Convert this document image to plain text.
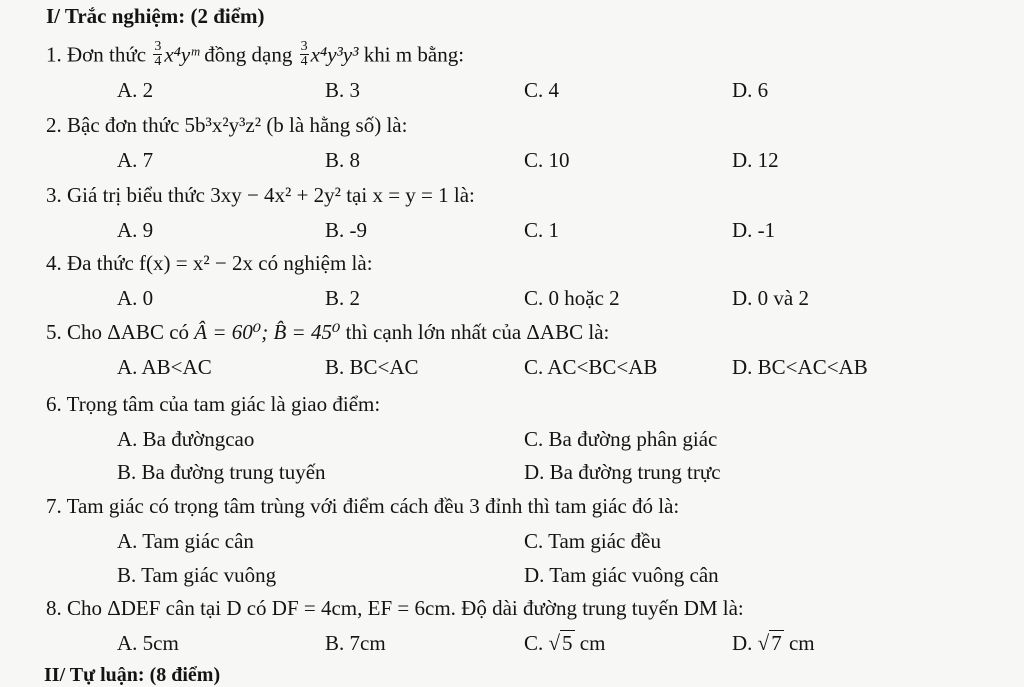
I/ Trắc nghiệm: (2 điểm)
1. Đơn thức $\frac{3}{4}$ x⁴yᵐ đồng dạng $\frac{3}{4} x^4y^3y^3$ khi m bằng:
A. 2	B. 3	C. 4	D. 6
2. Bậc đơn thức 5b³x²y³z² (b là hằng số) là:
A. 7	B. 8	C. 10	D. 12
3. Giá trị biểu thức 3xy − 4x² + 2y² tại x = y = 1 là:
A. 9	B. -9	C. 1	D. -1
4. Đa thức f(x) = x² − 2x có nghiệm là:
A. 0	B. 2	C. 0 hoặc 2	D. 0 và 2
5. Cho ΔABC có Â = 60⁰; B̂ = 45⁰ thì cạnh lớn nhất của ΔABC là:
A. AB<AC	B. BC<AC	C. AC<BC<AB	D. BC<AC<AB
6. Trọng tâm của tam giác là giao điểm:
A. Ba đườngcao	C. Ba đường phân giác
B. Ba đường trung tuyến	D. Ba đường trung trực
7. Tam giác có trọng tâm trùng với điểm cách đều 3 đỉnh thì tam giác đó là:
A. Tam giác cân	C. Tam giác đều
B. Tam giác vuông	D. Tam giác vuông cân
8. Cho ΔDEF cân tại D có DF = 4cm, EF = 6cm. Độ dài đường trung tuyến DM là:
A. 5cm	B. 7cm	C. √5 cm	D. √7 cm
II/ Tự luận: (8 điểm)
